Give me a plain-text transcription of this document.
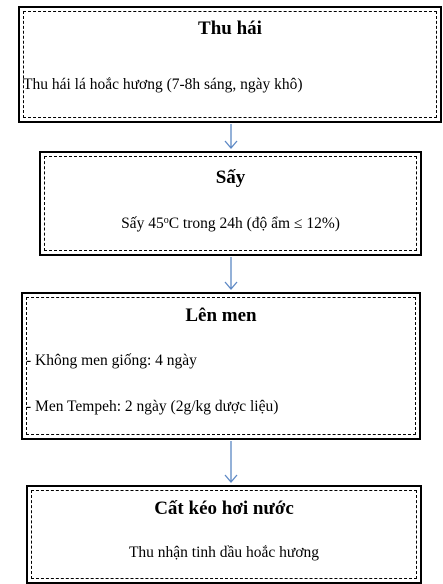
Thu hái
Thu hái lá hoắc hương (7-8h sáng, ngày khô)
Sấy
Sấy 45$^o$C trong 24h (độ ẩm ≤ 12%)
Lên men
- Không men giống: 4 ngày
- Men Tempeh: 2 ngày (2g/kg dược liệu)
Cất kéo hơi nước
Thu nhận tinh dầu hoắc hương
